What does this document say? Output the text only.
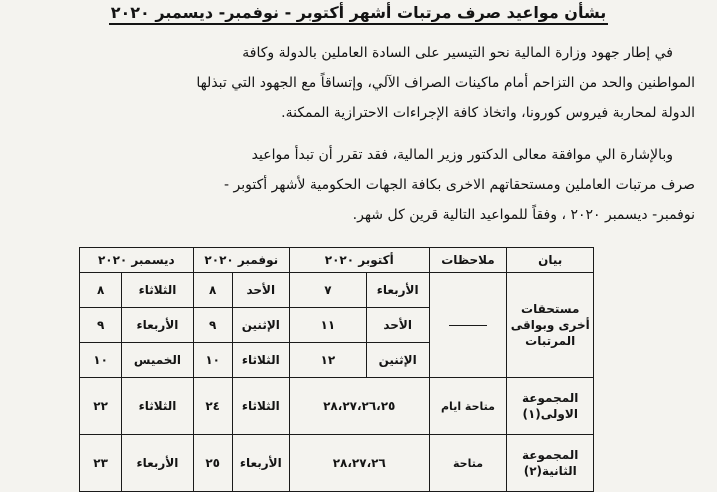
بشأن مواعيد صرف مرتبات أشهر أكتوبر - نوفمبر- ديسمبر ٢٠٢٠
في إطار جهود وزارة المالية نحو التيسير على السادة العاملين بالدولة وكافة
المواطنين والحد من التزاحم أمام ماكينات الصراف الآلي، وإتساقاً مع الجهود التي تبذلها
الدولة لمحاربة فيروس كورونا، واتخاذ كافة الإجراءات الاحترازية الممكنة.
وبالإشارة الي موافقة معالى الدكتور وزير المالية، فقد تقرر أن تبدأ مواعيد
صرف مرتبات العاملين ومستحقاتهم الاخرى بكافة الجهات الحكومية لأشهر أكتوبر -
نوفمبر- ديسمبر ٢٠٢٠ ، وفقاً للمواعيد التالية قرين كل شهر.
بيان	ملاحظات	أكتوبر ٢٠٢٠		نوفمبر ٢٠٢٠		ديسمبر ٢٠٢٠	
مستحقات أخرى وبواقى المرتبات		الأربعاء	٧	الأحد	٨	الثلاثاء	٨
		الأحد	١١	الإثنين	٩	الأربعاء	٩
		الإثنين	١٢	الثلاثاء	١٠	الخميس	١٠
المجموعة الاولى(١)	متاحة ايام	٢٨،٢٧،٢٦،٢٥		الثلاثاء	٢٤	الثلاثاء	٢٢
المجموعة الثانية(٢)	متاحة	٢٨،٢٧،٢٦		الأربعاء	٢٥	الأربعاء	٢٣
